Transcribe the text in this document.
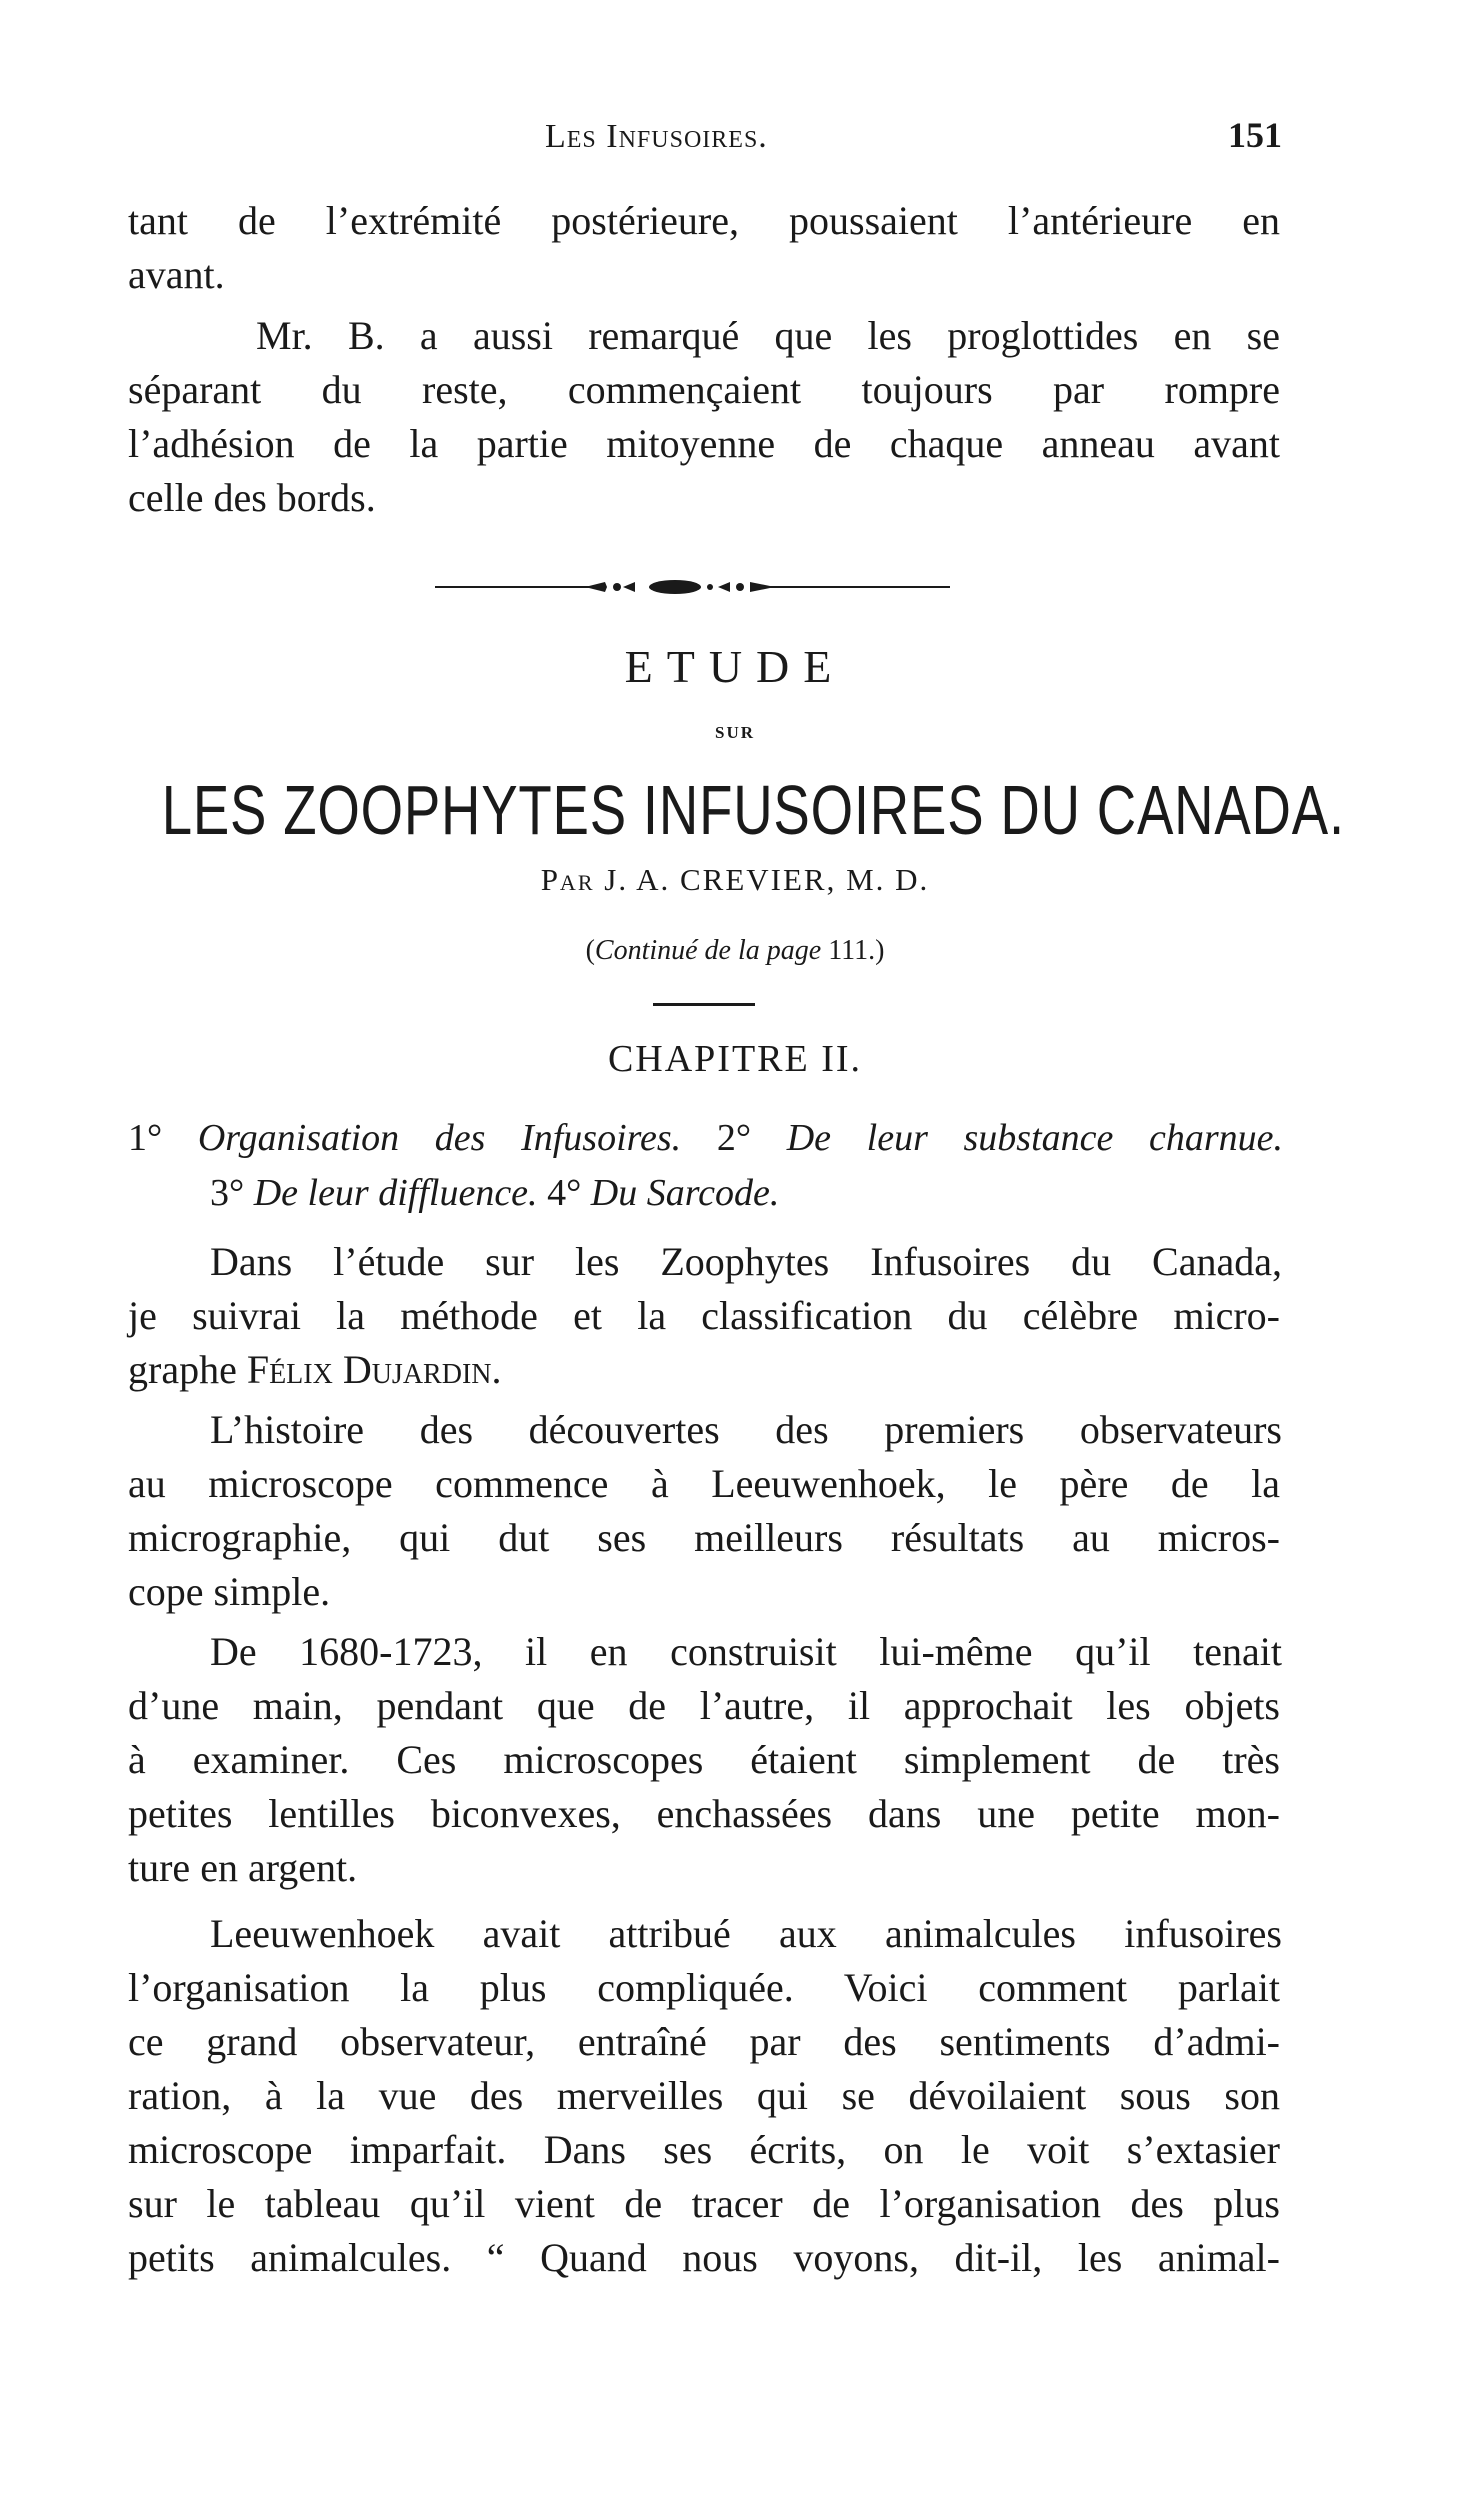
Les Infusoires.	151
tant de l’extrémité postérieure, poussaient l’antérieure en
avant.
Mr. B. a aussi remarqué que les proglottides en se
séparant du reste, commençaient toujours par rompre
l’adhésion de la partie mitoyenne de chaque anneau avant
celle des bords.
ETUDE
SUR
LES ZOOPHYTES INFUSOIRES DU CANADA.
Par J. A. CREVIER, M. D.
(Continué de la page 111.)
CHAPITRE II.
1° Organisation des Infusoires. 2° De leur substance charnue.
3° De leur diffluence. 4° Du Sarcode.
Dans l’étude sur les Zoophytes Infusoires du Canada,
je suivrai la méthode et la classification du célèbre micro-
graphe Félix Dujardin.
L’histoire des découvertes des premiers observateurs
au microscope commence à Leeuwenhoek, le père de la
micrographie, qui dut ses meilleurs résultats au micros-
cope simple.
De 1680-1723, il en construisit lui-même qu’il tenait
d’une main, pendant que de l’autre, il approchait les objets
à examiner. Ces microscopes étaient simplement de très
petites lentilles biconvexes, enchassées dans une petite mon-
ture en argent.
Leeuwenhoek avait attribué aux animalcules infusoires
l’organisation la plus compliquée. Voici comment parlait
ce grand observateur, entraîné par des sentiments d’admi-
ration, à la vue des merveilles qui se dévoilaient sous son
microscope imparfait. Dans ses écrits, on le voit s’extasier
sur le tableau qu’il vient de tracer de l’organisation des plus
petits animalcules. “ Quand nous voyons, dit-il, les animal-
